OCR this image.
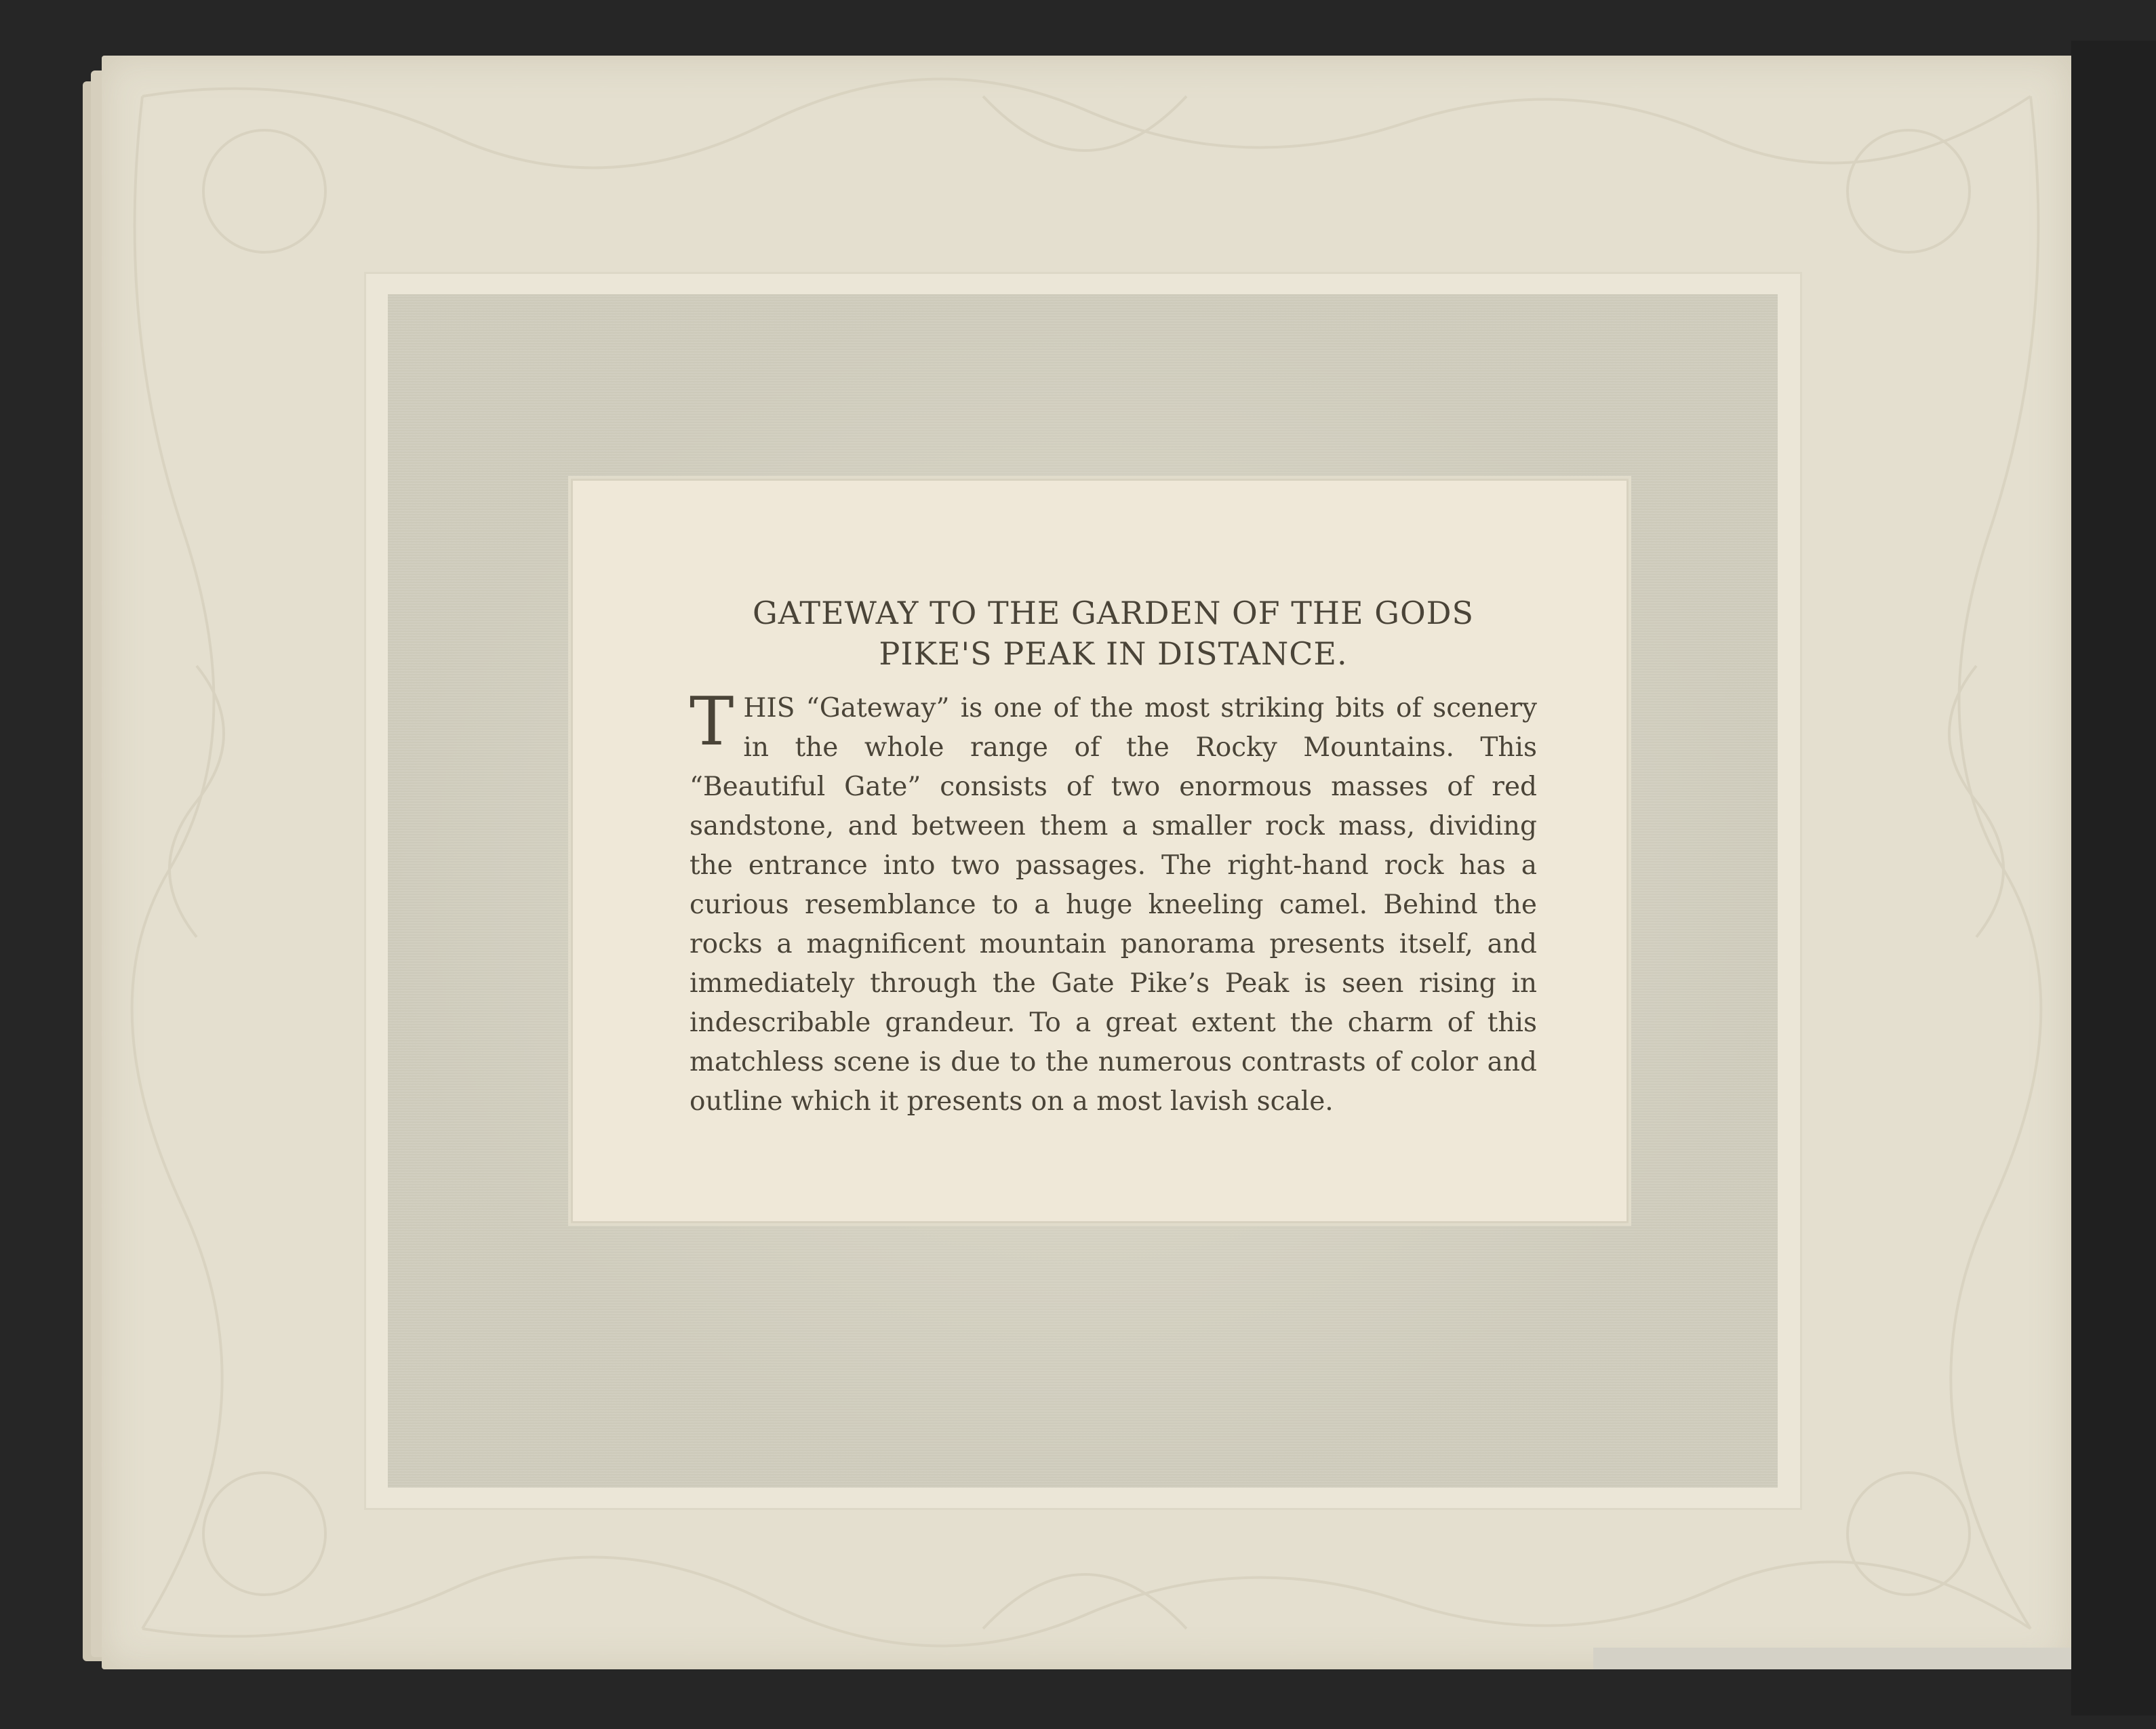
GATEWAY TO THE GARDEN OF THE GODS

PIKE'S PEAK IN DISTANCE.

T HIS “Gateway” is one of the most striking bits of scenery in the whole range of the Rocky Mountains. This “Beautiful Gate” consists of two enormous masses of red sandstone, and between them a smaller rock mass, dividing the entrance into two passages. The right-hand rock has a curious resemblance to a huge kneeling camel. Behind the rocks a magnificent mountain panorama presents itself, and immediately through the Gate Pike’s Peak is seen rising in indescribable grandeur. To a great extent the charm of this matchless scene is due to the numerous contrasts of color and outline which it presents on a most lavish scale.
